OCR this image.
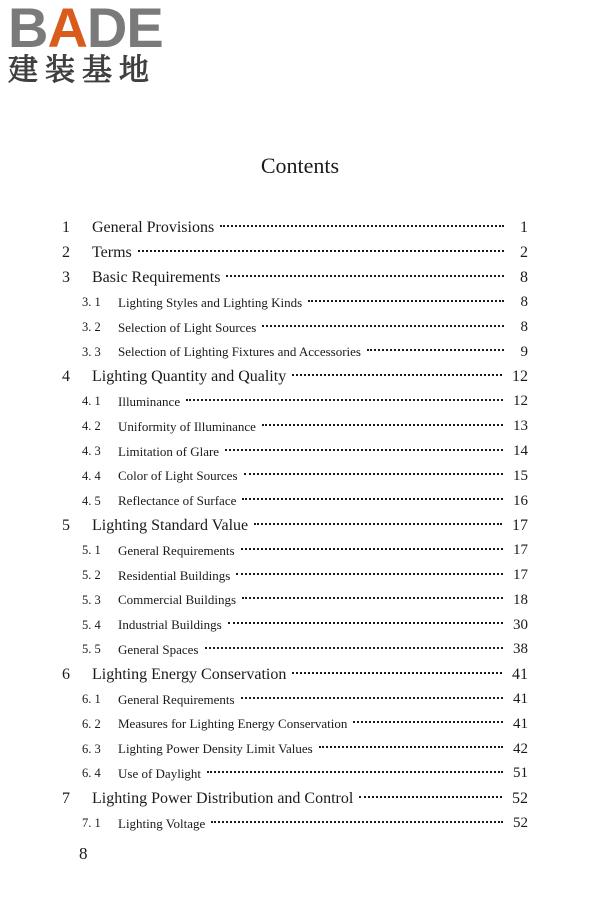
BADE
建装基地
Contents
1	General Provisions	1
2	Terms	2
3	Basic Requirements	8
3. 1	Lighting Styles and Lighting Kinds	8
3. 2	Selection of Light Sources	8
3. 3	Selection of Lighting Fixtures and Accessories	9
4	Lighting Quantity and Quality	12
4. 1	Illuminance	12
4. 2	Uniformity of Illuminance	13
4. 3	Limitation of Glare	14
4. 4	Color of Light Sources	15
4. 5	Reflectance of Surface	16
5	Lighting Standard Value	17
5. 1	General Requirements	17
5. 2	Residential Buildings	17
5. 3	Commercial Buildings	18
5. 4	Industrial Buildings	30
5. 5	General Spaces	38
6	Lighting Energy Conservation	41
6. 1	General Requirements	41
6. 2	Measures for Lighting Energy Conservation	41
6. 3	Lighting Power Density Limit Values	42
6. 4	Use of Daylight	51
7	Lighting Power Distribution and Control	52
7. 1	Lighting Voltage	52
8
